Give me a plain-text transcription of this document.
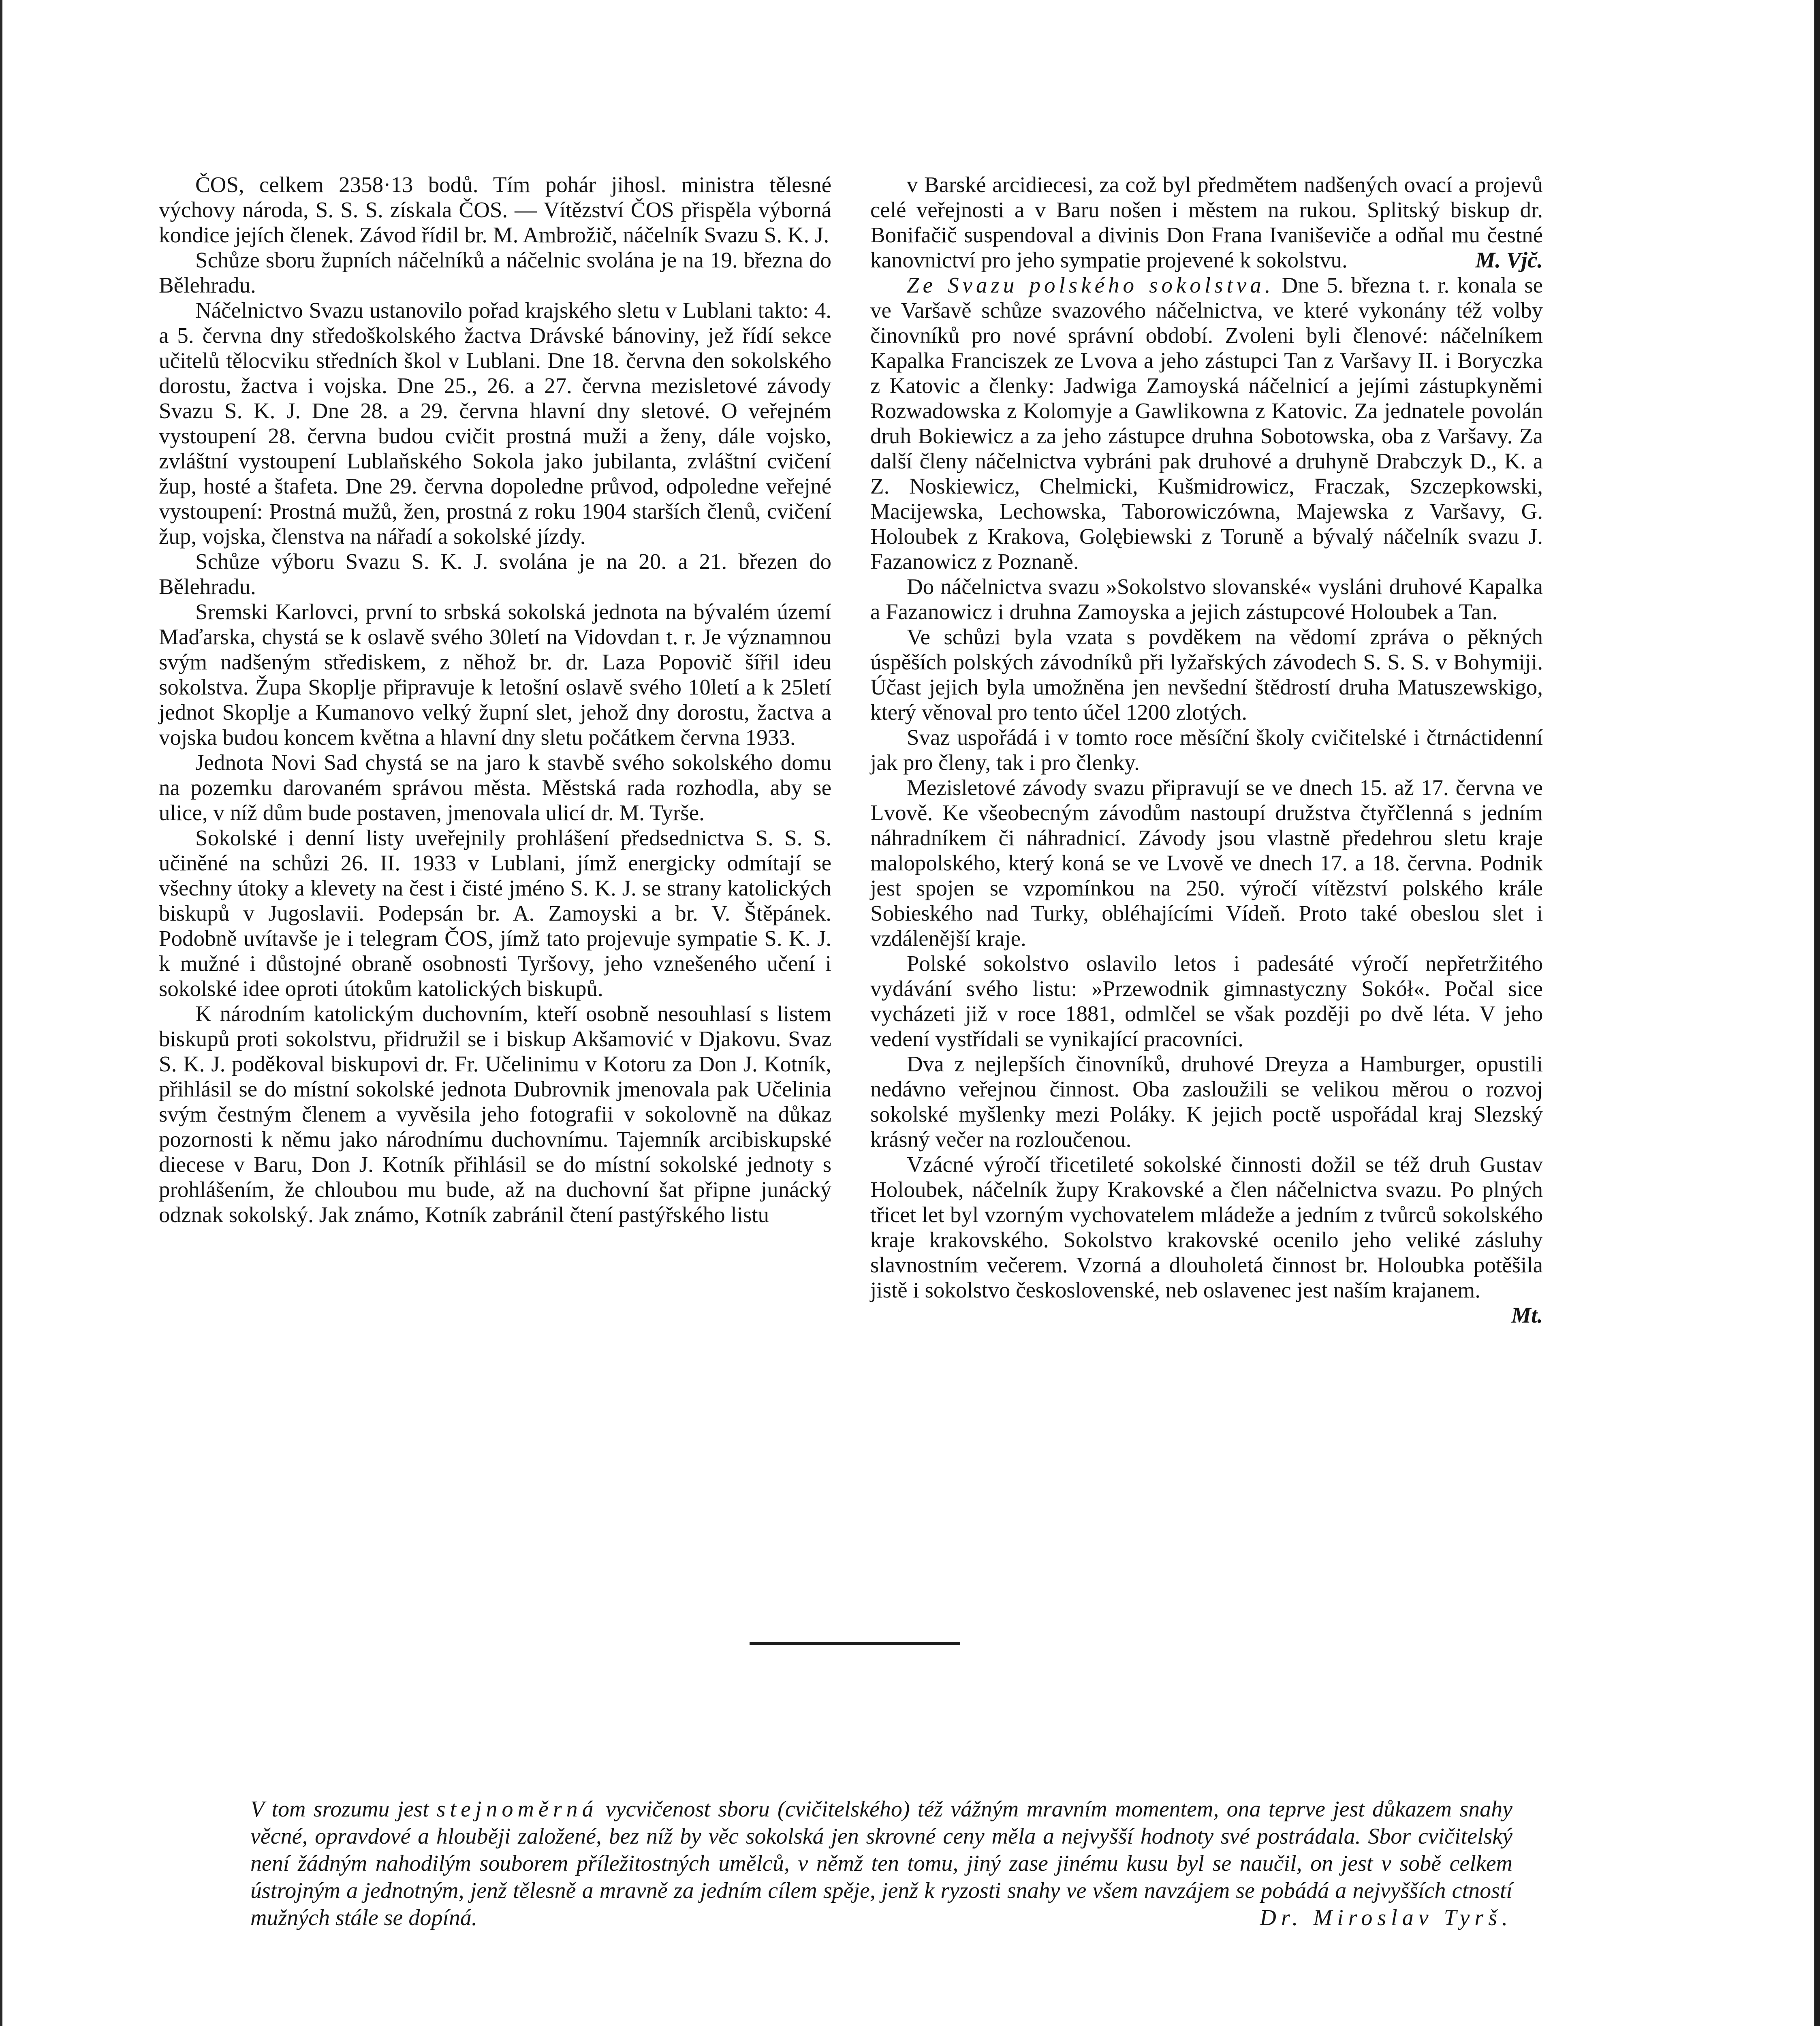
ČOS, celkem 2358·13 bodů. Tím pohár jihosl. ministra tělesné výchovy národa, S. S. S. získala ČOS. — Vítězství ČOS přispěla výborná kondice jejích členek. Závod řídil br. M. Ambrožič, náčelník Svazu S. K. J.

Schůze sboru župních náčelníků a náčelnic svolána je na 19. března do Bělehradu.

Náčelnictvo Svazu ustanovilo pořad krajského sletu v Lublani takto: 4. a 5. června dny středoškolského žactva Drávské bánoviny, jež řídí sekce učitelů tělocviku středních škol v Lublani. Dne 18. června den sokolského dorostu, žactva i vojska. Dne 25., 26. a 27. června mezisletové závody Svazu S. K. J. Dne 28. a 29. června hlavní dny sletové. O veřejném vystoupení 28. června budou cvičit prostná muži a ženy, dále vojsko, zvláštní vystoupení Lublaňského Sokola jako jubilanta, zvláštní cvičení žup, hosté a štafeta. Dne 29. června dopoledne průvod, odpoledne veřejné vystoupení: Prostná mužů, žen, prostná z roku 1904 starších členů, cvičení žup, vojska, členstva na nářadí a sokolské jízdy.

Schůze výboru Svazu S. K. J. svolána je na 20. a 21. březen do Bělehradu.

Sremski Karlovci, první to srbská sokolská jednota na bývalém území Maďarska, chystá se k oslavě svého 30letí na Vidovdan t. r. Je významnou svým nadšeným střediskem, z něhož br. dr. Laza Popovič šířil ideu sokolstva. Župa Skoplje připravuje k letošní oslavě svého 10letí a k 25letí jednot Skoplje a Kumanovo velký župní slet, jehož dny dorostu, žactva a vojska budou koncem května a hlavní dny sletu počátkem června 1933.

Jednota Novi Sad chystá se na jaro k stavbě svého sokolského domu na pozemku darovaném správou města. Městská rada rozhodla, aby se ulice, v níž dům bude postaven, jmenovala ulicí dr. M. Tyrše.

Sokolské i denní listy uveřejnily prohlášení předsednictva S. S. S. učiněné na schůzi 26. II. 1933 v Lublani, jímž energicky odmítají se všechny útoky a klevety na čest i čisté jméno S. K. J. se strany katolických biskupů v Jugoslavii. Podepsán br. A. Zamoyski a br. V. Štěpánek. Podobně uvítavše je i telegram ČOS, jímž tato projevuje sympatie S. K. J. k mužné i důstojné obraně osobnosti Tyršovy, jeho vznešeného učení i sokolské idee oproti útokům katolických biskupů.

K národním katolickým duchovním, kteří osobně nesouhlasí s listem biskupů proti sokolstvu, přidružil se i biskup Akšamović v Djakovu. Svaz S. K. J. poděkoval biskupovi dr. Fr. Učelinimu v Kotoru za Don J. Kotník, přihlásil se do místní sokolské jednota Dubrovnik jmenovala pak Učelinia svým čestným členem a vyvěsila jeho fotografii v sokolovně na důkaz pozornosti k němu jako národnímu duchovnímu. Tajemník arcibiskupské diecese v Baru, Don J. Kotník přihlásil se do místní sokolské jednoty s prohlášením, že chloubou mu bude, až na duchovní šat připne junácký odznak sokolský. Jak známo, Kotník zabránil čtení pastýřského listu

v Barské arcidiecesi, za což byl předmětem nadšených ovací a projevů celé veřejnosti a v Baru nošen i městem na rukou. Splitský biskup dr. Bonifačič suspendoval a divinis Don Frana Ivaniševiče a odňal mu čestné kanovnictví pro jeho sympatie projevené k sokolstvu.	M. Vjč.

Ze Svazu polského sokolstva. Dne 5. března t. r. konala se ve Varšavě schůze svazového náčelnictva, ve které vykonány též volby činovníků pro nové správní období. Zvoleni byli členové: náčelníkem Kapalka Franciszek ze Lvova a jeho zástupci Tan z Varšavy II. i Boryczka z Katovic a členky: Jadwiga Zamoyská náčelnicí a jejími zástupkyněmi Rozwadowska z Kolomyje a Gawlikowna z Katovic. Za jednatele povolán druh Bokiewicz a za jeho zástupce druhna Sobotowska, oba z Varšavy. Za další členy náčelnictva vybráni pak druhové a druhyně Drabczyk D., K. a Z. Noskiewicz, Chelmicki, Kušmidrowicz, Fraczak, Szczepkowski, Macijewska, Lechowska, Taborowiczówna, Majewska z Varšavy, G. Holoubek z Krakova, Golębiewski z Toruně a bývalý náčelník svazu J. Fazanowicz z Poznaně.

Do náčelnictva svazu »Sokolstvo slovanské« vysláni druhové Kapalka a Fazanowicz i druhna Zamoyska a jejich zástupcové Holoubek a Tan.

Ve schůzi byla vzata s povděkem na vědomí zpráva o pěkných úspěších polských závodníků při lyžařských závodech S. S. S. v Bohymiji. Účast jejich byla umožněna jen nevšední štědrostí druha Matuszewskigo, který věnoval pro tento účel 1200 zlotých.

Svaz uspořádá i v tomto roce měsíční školy cvičitelské i čtrnáctidenní jak pro členy, tak i pro členky.

Mezisletové závody svazu připravují se ve dnech 15. až 17. června ve Lvově. Ke všeobecným závodům nastoupí družstva čtyřčlenná s jedním náhradníkem či náhradnicí. Závody jsou vlastně předehrou sletu kraje malopolského, který koná se ve Lvově ve dnech 17. a 18. června. Podnik jest spojen se vzpomínkou na 250. výročí vítězství polského krále Sobieského nad Turky, obléhajícími Vídeň. Proto také obeslou slet i vzdálenější kraje.

Polské sokolstvo oslavilo letos i padesáté výročí nepřetržitého vydávání svého listu: »Przewodnik gimnastyczny Sokół«. Počal sice vycházeti již v roce 1881, odmlčel se však později po dvě léta. V jeho vedení vystřídali se vynikající pracovníci.

Dva z nejlepších činovníků, druhové Dreyza a Hamburger, opustili nedávno veřejnou činnost. Oba zasloužili se velikou měrou o rozvoj sokolské myšlenky mezi Poláky. K jejich poctě uspořádal kraj Slezský krásný večer na rozloučenou.

Vzácné výročí třicetileté sokolské činnosti dožil se též druh Gustav Holoubek, náčelník župy Krakovské a člen náčelnictva svazu. Po plných třicet let byl vzorným vychovatelem mládeže a jedním z tvůrců sokolského kraje krakovského. Sokolstvo krakovské ocenilo jeho veliké zásluhy slavnostním večerem. Vzorná a dlouholetá činnost br. Holoubka potěšila jistě i sokolstvo československé, neb oslavenec jest naším krajanem.
Mt.

V tom srozumu jest stejnoměrná vycvičenost sboru (cvičitelského) též vážným mravním momentem, ona teprve jest důkazem snahy věcné, opravdové a hlouběji založené, bez níž by věc sokolská jen skrovné ceny měla a nejvyšší hodnoty své postrádala. Sbor cvičitelský není žádným nahodilým souborem příležitostných umělců, v němž ten tomu, jiný zase jinému kusu byl se naučil, on jest v sobě celkem ústrojným a jednotným, jenž tělesně a mravně za jedním cílem spěje, jenž k ryzosti snahy ve všem navzájem se pobádá a nejvyšších ctností mužných stále se dopíná.	Dr. Miroslav Tyrš.
